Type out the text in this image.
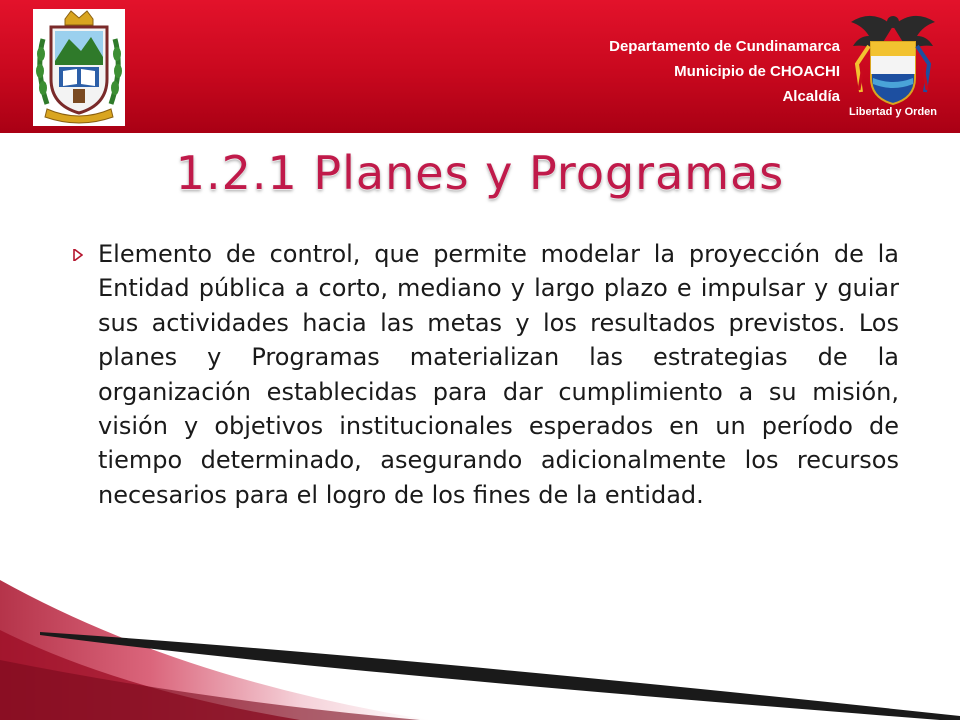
Departamento de Cundinamarca
Municipio de CHOACHI
Alcaldía
Libertad y Orden
1.2.1 Planes y Programas

Elemento de control, que permite modelar la proyección de la Entidad pública a corto, mediano y largo plazo e impulsar y guiar sus actividades hacia las metas y los resultados previstos. Los planes y Programas materializan las estrategias de la organización establecidas para dar cumplimiento a su misión, visión y objetivos institucionales esperados en un período de tiempo determinado, asegurando adicionalmente los recursos necesarios para el logro de los fines de la entidad.
